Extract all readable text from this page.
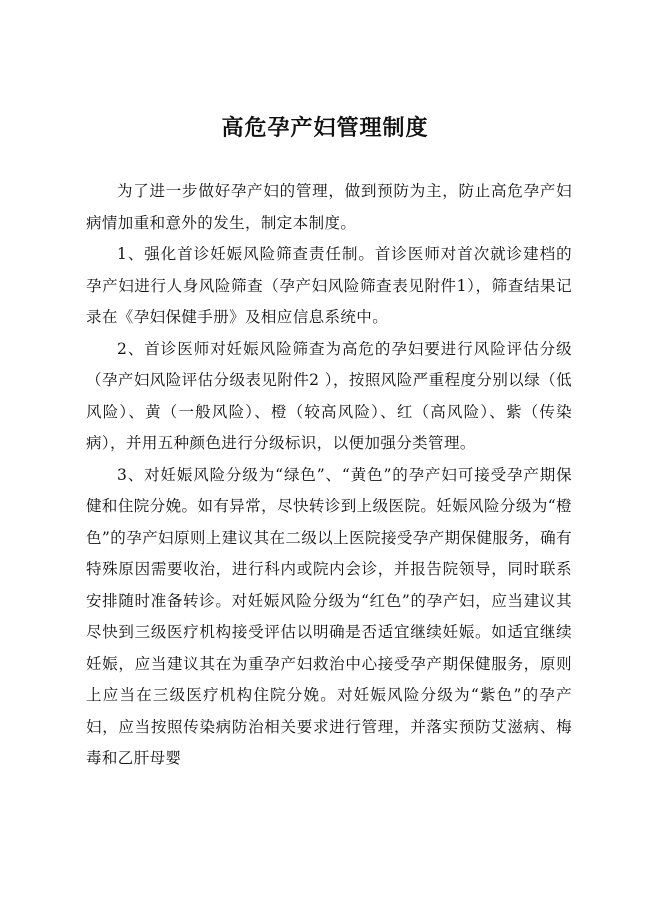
高危孕产妇管理制度

为了进一步做好孕产妇的管理，做到预防为主，防止高危孕产妇病情加重和意外的发生，制定本制度。

1、强化首诊妊娠风险筛查责任制。首诊医师对首次就诊建档的孕产妇进行人身风险筛查（孕产妇风险筛查表见附件1），筛查结果记录在《孕妇保健手册》及相应信息系统中。

2、首诊医师对妊娠风险筛查为高危的孕妇要进行风险评估分级（孕产妇风险评估分级表见附件2 ），按照风险严重程度分别以绿（低风险）、黄（一般风险）、橙（较高风险）、红（高风险）、紫（传染病），并用五种颜色进行分级标识，以便加强分类管理。

3、对妊娠风险分级为“绿色”、“黄色”的孕产妇可接受孕产期保健和住院分娩。如有异常，尽快转诊到上级医院。妊娠风险分级为“橙色”的孕产妇原则上建议其在二级以上医院接受孕产期保健服务，确有特殊原因需要收治，进行科内或院内会诊，并报告院领导，同时联系安排随时准备转诊。对妊娠风险分级为“红色”的孕产妇，应当建议其尽快到三级医疗机构接受评估以明确是否适宜继续妊娠。如适宜继续妊娠，应当建议其在为重孕产妇救治中心接受孕产期保健服务，原则上应当在三级医疗机构住院分娩。对妊娠风险分级为“紫色”的孕产妇，应当按照传染病防治相关要求进行管理，并落实预防艾滋病、梅毒和乙肝母婴
